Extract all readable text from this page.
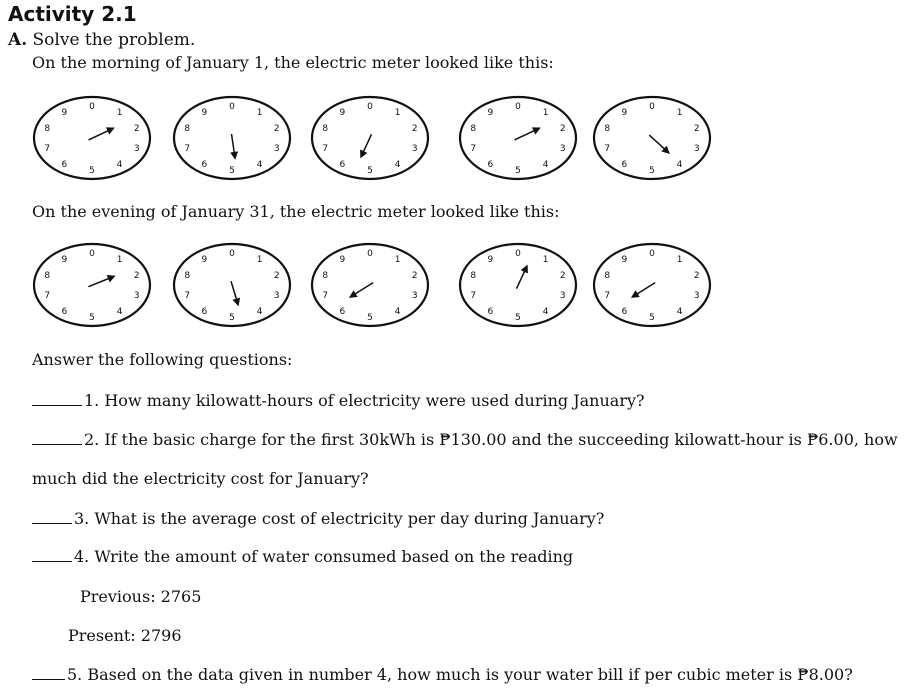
Activity 2.1
A. Solve the problem.
On the morning of January 1, the electric meter looked like this:
On the evening of January 31, the electric meter looked like this:
Answer the following questions:
1. How many kilowatt-hours of electricity were used during January?
2. If the basic charge for the first 30kWh is ₱130.00 and the succeeding kilowatt-hour is ₱6.00, how
much did the electricity cost for January?
3. What is the average cost of electricity per day during January?
4. Write the amount of water consumed based on the reading
Previous: 2765
Present: 2796
5. Based on the data given in number 4, how much is your water bill if per cubic meter is ₱8.00?
0
1
2
3
4
5
6
7
8
9
0
9
8
7
6
5
4
3
2
1
0
1
2
3
4
5
6
7
8
9
0
9
8
7
6
5
4
3
2
1
0
1
2
3
4
5
6
7
8
9
0
1
2
3
4
5
6
7
8
9
0
9
8
7
6
5
4
3
2
1
0
1
2
3
4
5
6
7
8
9
0
9
8
7
6
5
4
3
2
1
0
1
2
3
4
5
6
7
8
9
